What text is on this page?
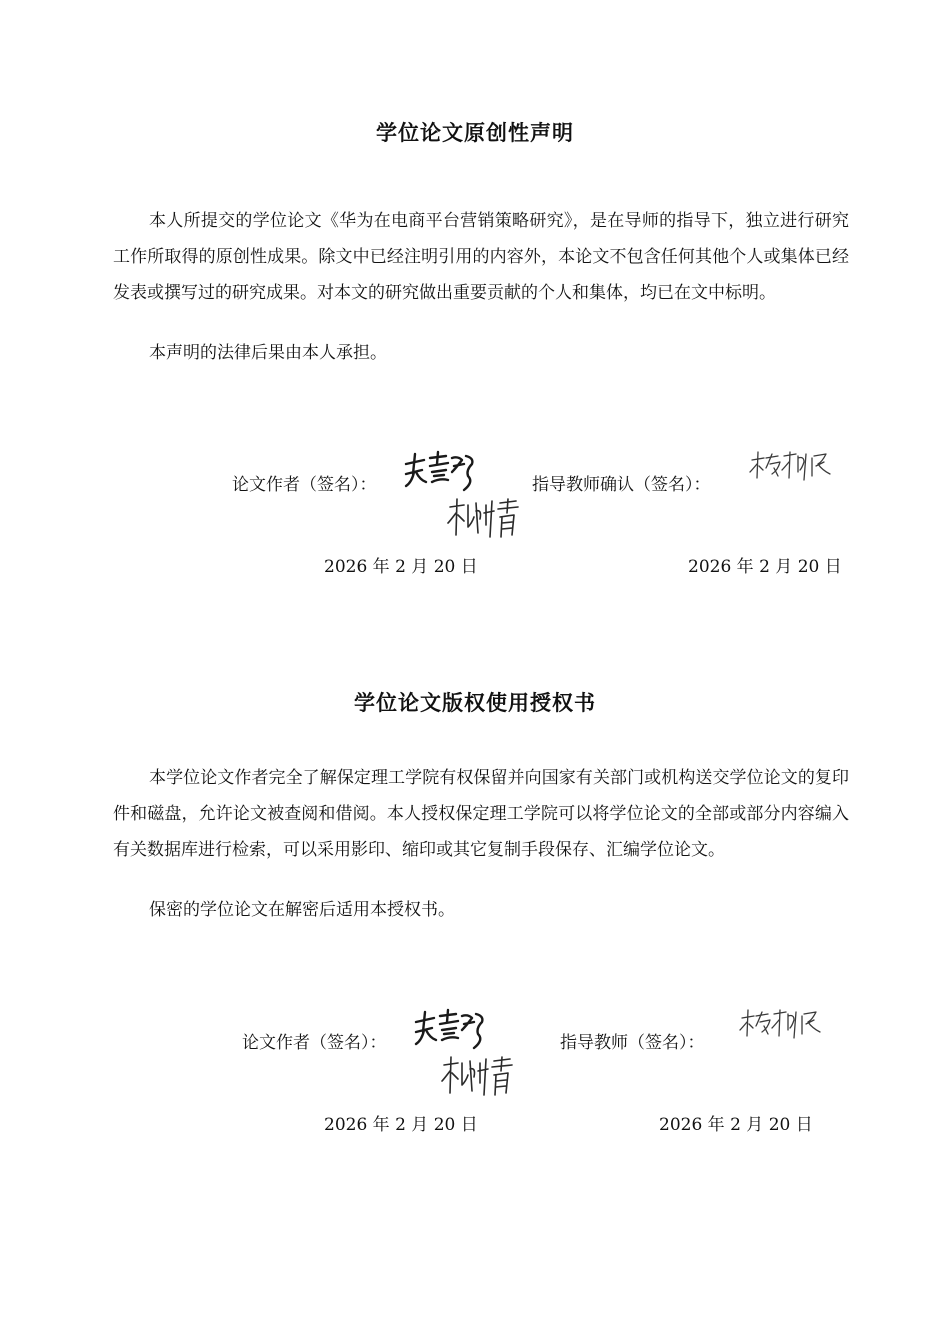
学位论文原创性声明

本人所提交的学位论文《华为在电商平台营销策略研究》，是在导师的指导下，独立进行研究工作所取得的原创性成果。除文中已经注明引用的内容外，本论文不包含任何其他个人或集体已经发表或撰写过的研究成果。对本文的研究做出重要贡献的个人和集体，均已在文中标明。

本声明的法律后果由本人承担。

论文作者（签名）：	指导教师确认（签名）：
2026 年 2 月 20 日	2026 年 2 月 20 日
学位论文版权使用授权书

本学位论文作者完全了解保定理工学院有权保留并向国家有关部门或机构送交学位论文的复印件和磁盘，允许论文被查阅和借阅。本人授权保定理工学院可以将学位论文的全部或部分内容编入有关数据库进行检索，可以采用影印、缩印或其它复制手段保存、汇编学位论文。

保密的学位论文在解密后适用本授权书。

论文作者（签名）：	指导教师（签名）：
2026 年 2 月 20 日	2026 年 2 月 20 日
